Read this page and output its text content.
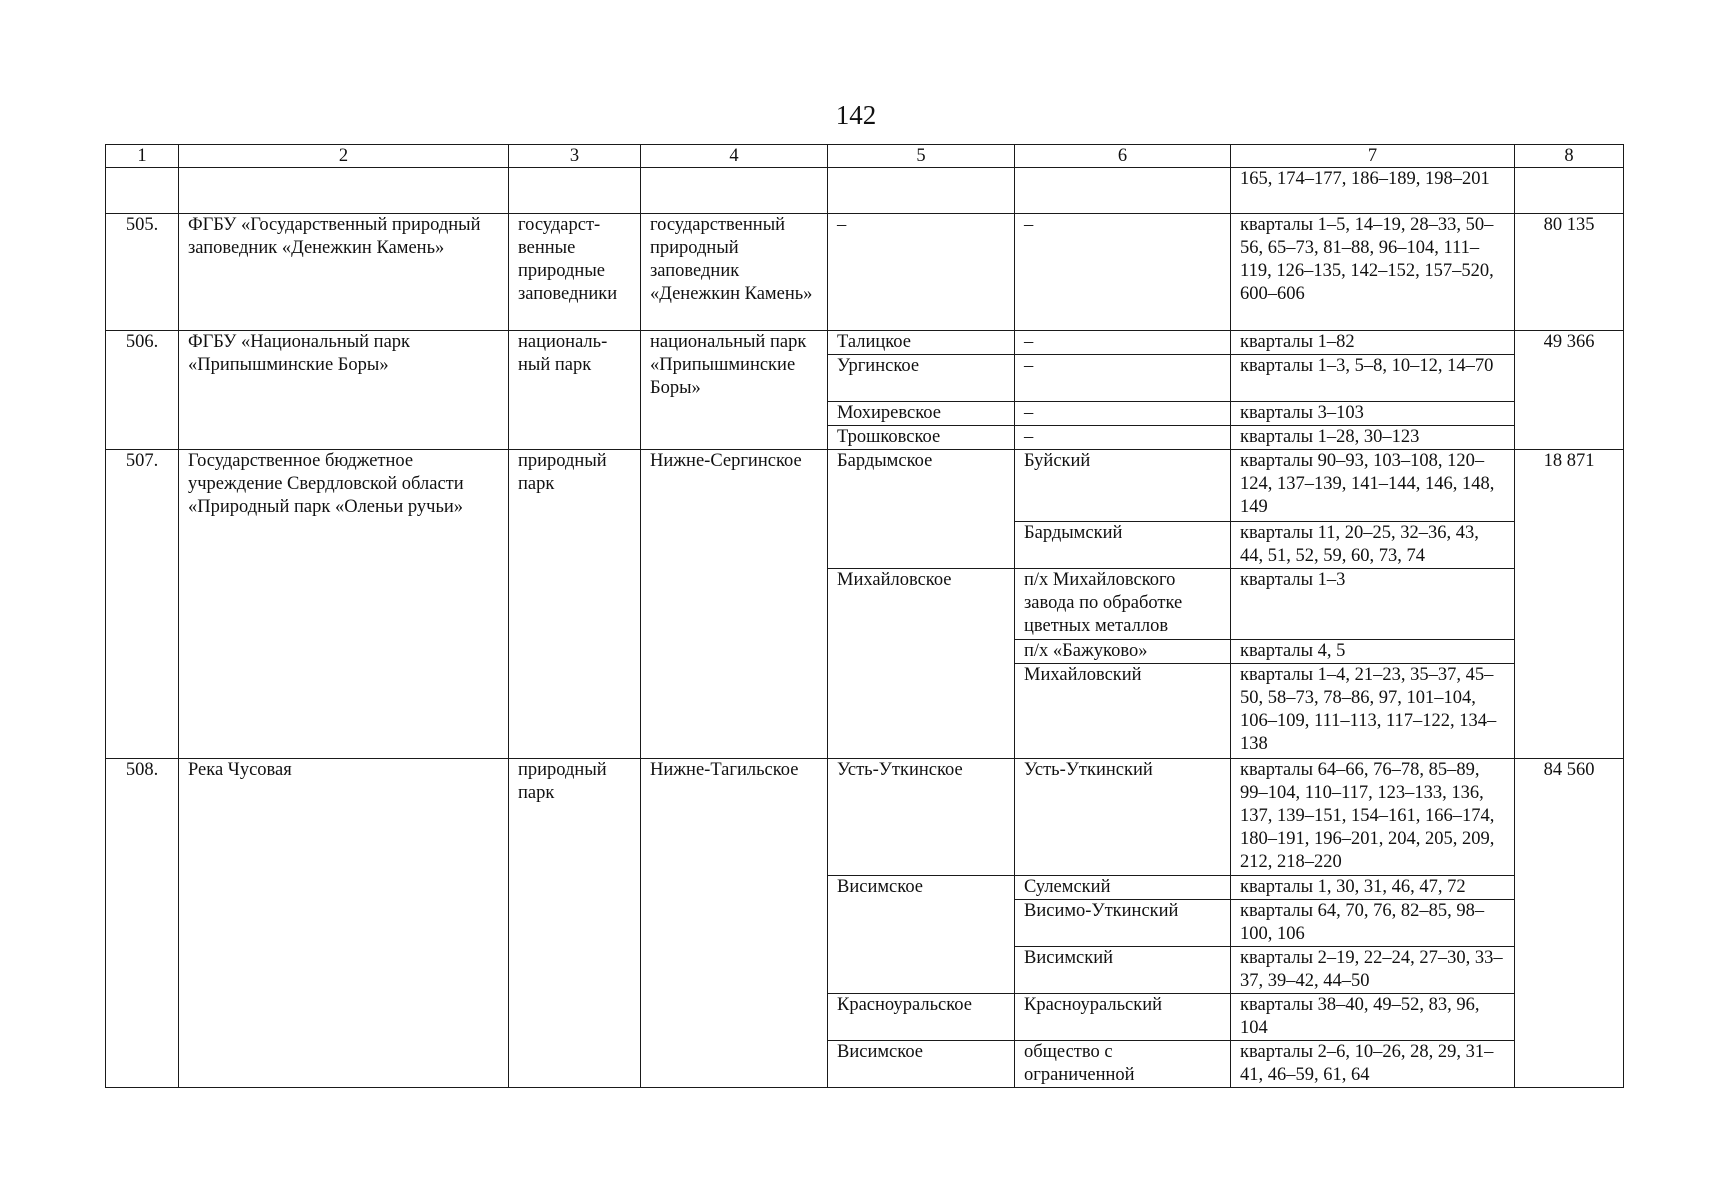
142
1	2	3	4	5	6	7	8
						165, 174–177, 186–189, 198–201	
505.	ФГБУ «Государственный природный заповедник «Денежкин Камень»	государст-венные природные заповедники	государственный природный заповедник «Денежкин Камень»	–	–	кварталы 1–5, 14–19, 28–33, 50–56, 65–73, 81–88, 96–104, 111–119, 126–135, 142–152, 157–520, 600–606	80 135
506.	ФГБУ «Национальный парк «Припышминские Боры»	националь-ный парк	национальный парк «Припышминские Боры»	Талицкое	–	кварталы 1–82	49 366
				Ургинское	–	кварталы 1–3, 5–8, 10–12, 14–70	
				Мохиревское	–	кварталы 3–103	
				Трошковское	–	кварталы 1–28, 30–123	
507.	Государственное бюджетное учреждение Свердловской области «Природный парк «Оленьи ручьи»	природный парк	Нижне-Сергинское	Бардымское	Буйский	кварталы 90–93, 103–108, 120–124, 137–139, 141–144, 146, 148, 149	18 871
					Бардымский	кварталы 11, 20–25, 32–36, 43, 44, 51, 52, 59, 60, 73, 74	
				Михайловское	п/х Михайловского завода по обработке цветных металлов	кварталы 1–3	
					п/х «Бажуково»	кварталы 4, 5	
					Михайловский	кварталы 1–4, 21–23, 35–37, 45–50, 58–73, 78–86, 97, 101–104, 106–109, 111–113, 117–122, 134–138	
508.	Река Чусовая	природный парк	Нижне-Тагильское	Усть-Уткинское	Усть-Уткинский	кварталы 64–66, 76–78, 85–89, 99–104, 110–117, 123–133, 136, 137, 139–151, 154–161, 166–174, 180–191, 196–201, 204, 205, 209, 212, 218–220	84 560
				Висимское	Сулемский	кварталы 1, 30, 31, 46, 47, 72	
					Висимо-Уткинский	кварталы 64, 70, 76, 82–85, 98–100, 106	
					Висимский	кварталы 2–19, 22–24, 27–30, 33–37, 39–42, 44–50	
				Красноуральское	Красноуральский	кварталы 38–40, 49–52, 83, 96, 104	
				Висимское	общество с ограниченной	кварталы 2–6, 10–26, 28, 29, 31–41, 46–59, 61, 64	
